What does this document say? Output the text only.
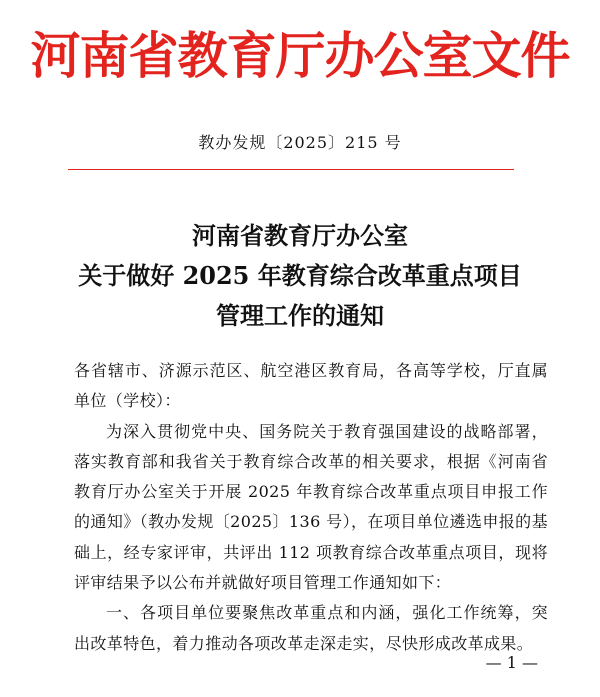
河南省教育厅办公室文件
教办发规〔2025〕215 号
河南省教育厅办公室
关于做好 2025 年教育综合改革重点项目
管理工作的通知

各省辖市、济源示范区、航空港区教育局，各高等学校，厅直属单位（学校）：

为深入贯彻党中央、国务院关于教育强国建设的战略部署，落实教育部和我省关于教育综合改革的相关要求，根据《河南省教育厅办公室关于开展 2025 年教育综合改革重点项目申报工作的通知》（教办发规〔2025〕136 号），在项目单位遴选申报的基础上，经专家评审，共评出 112 项教育综合改革重点项目，现将评审结果予以公布并就做好项目管理工作通知如下：

一、各项目单位要聚焦改革重点和内涵，强化工作统筹，突出改革特色，着力推动各项改革走深走实，尽快形成改革成果。

— 1 —
